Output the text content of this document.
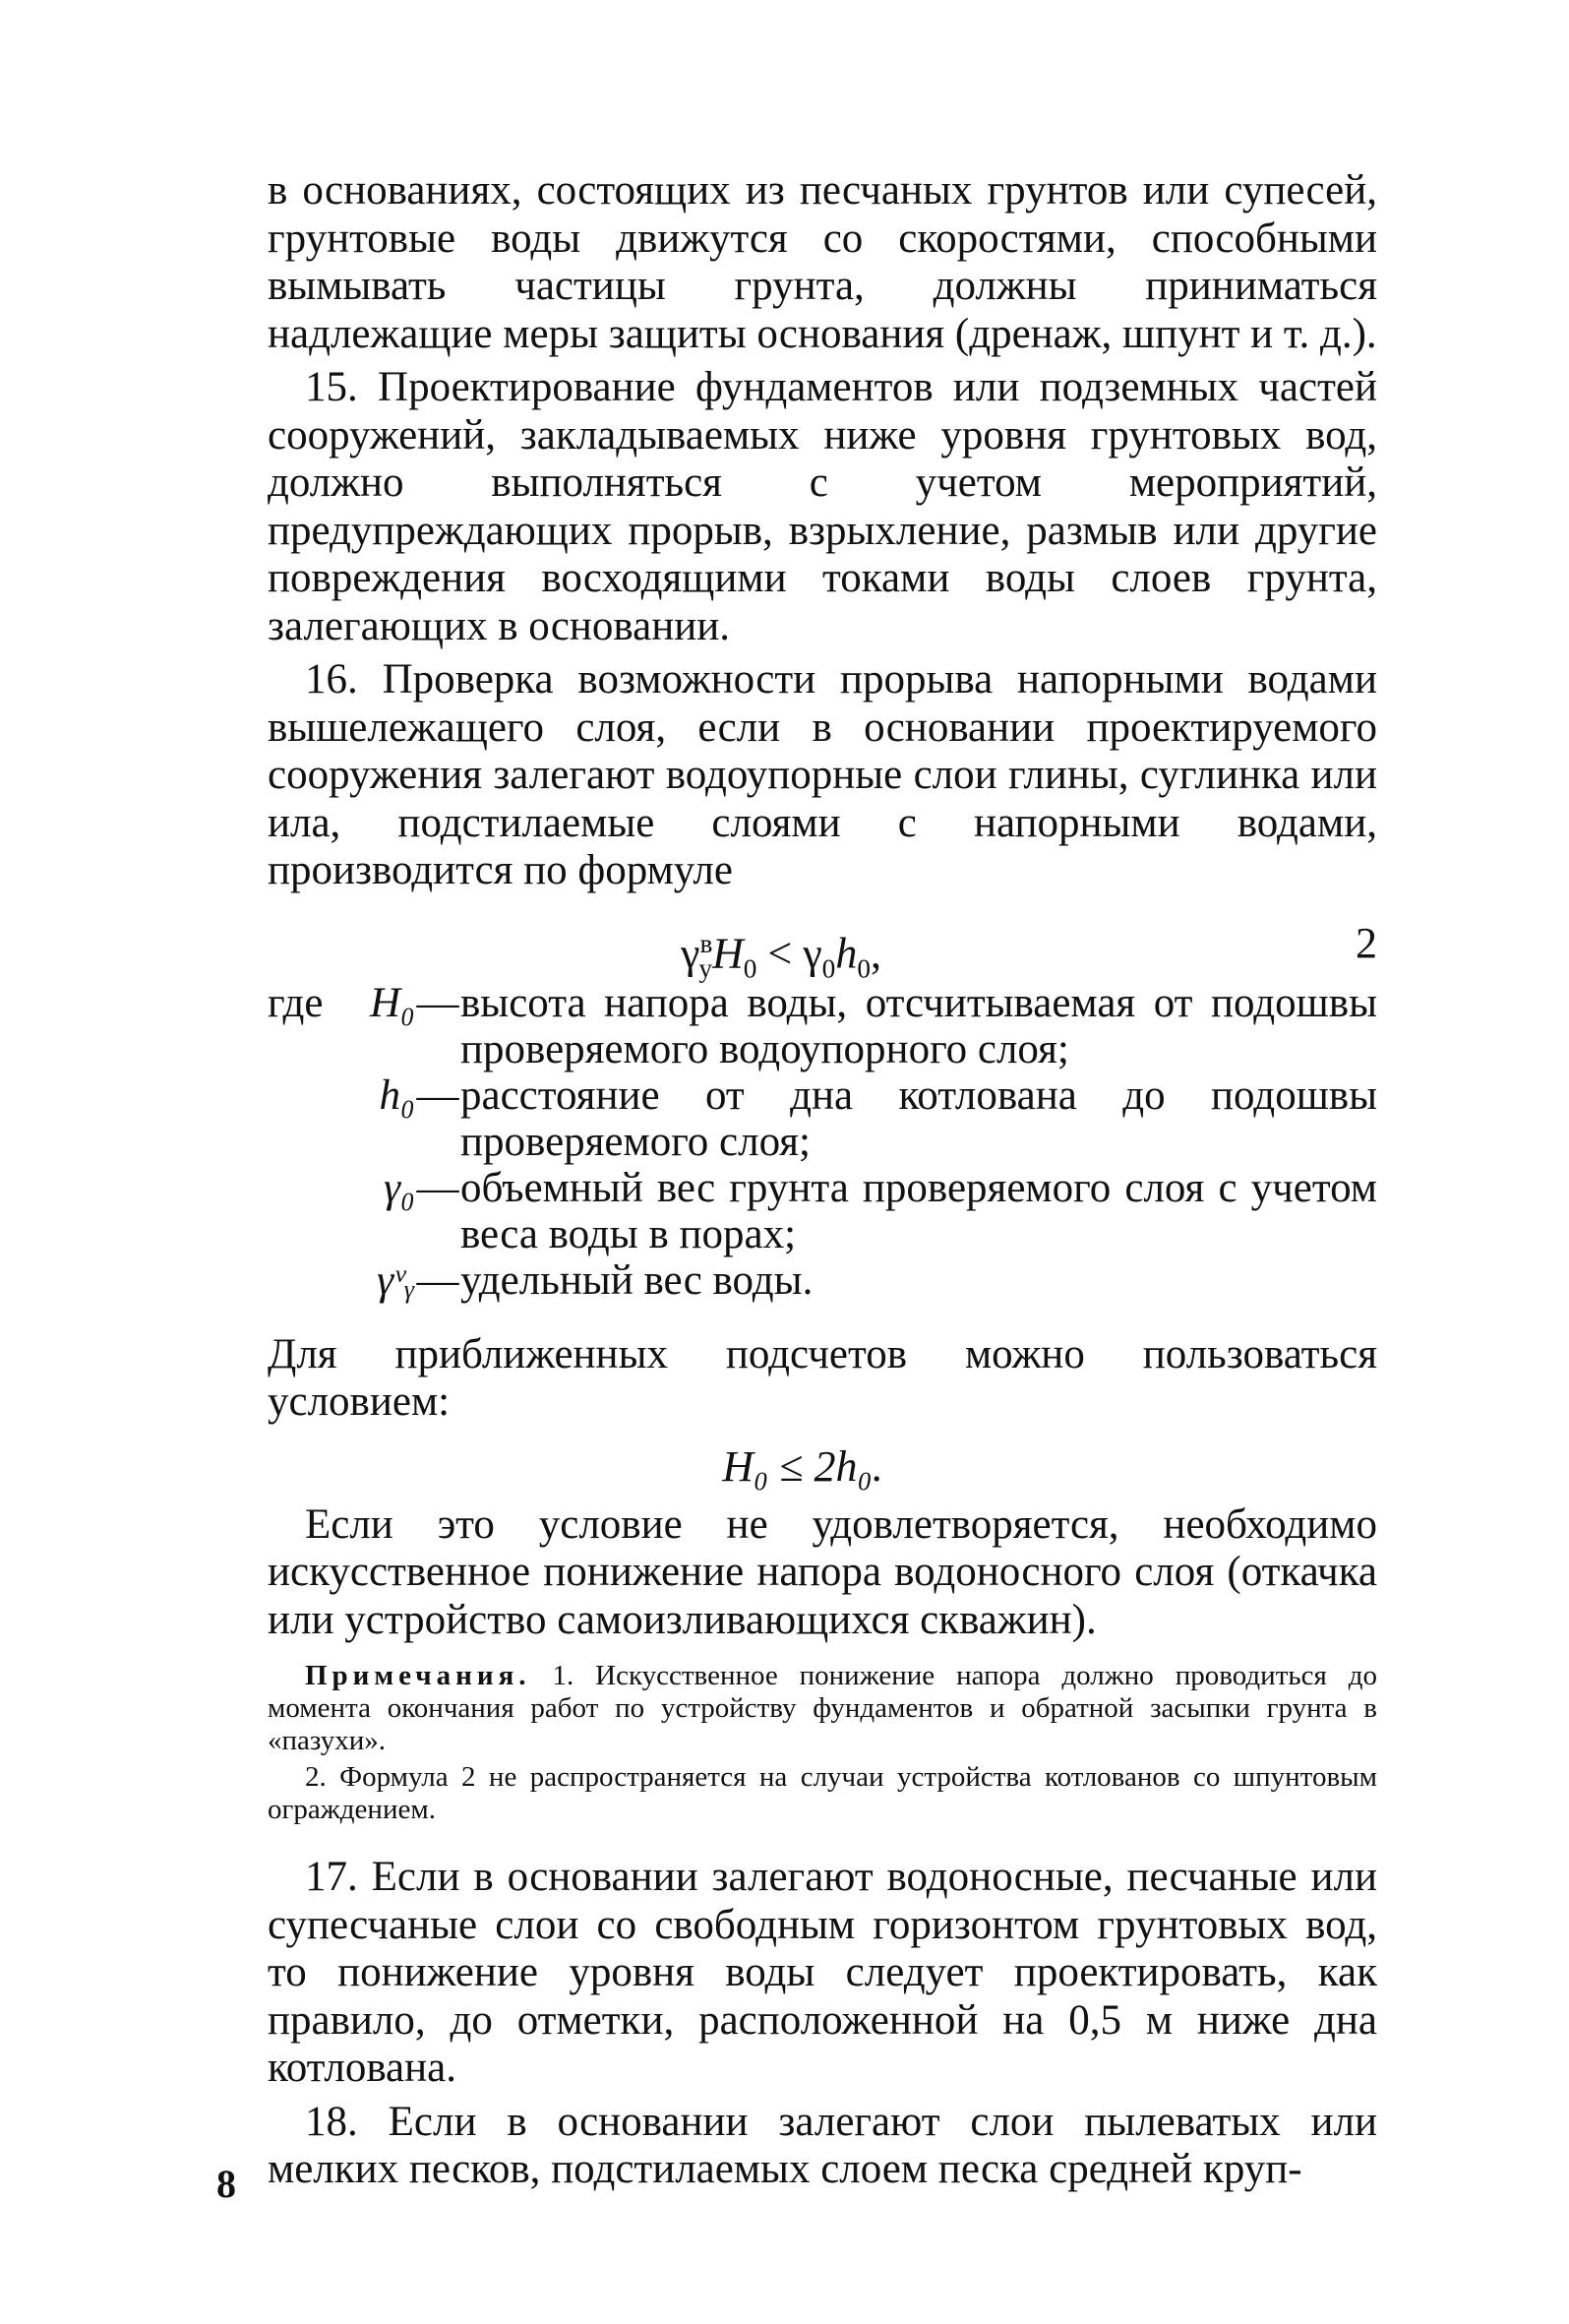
в основаниях, состоящих из песчаных грунтов или супесей, грунтовые воды движутся со скоростями, способными вымывать частицы грунта, должны приниматься надлежащие меры защиты основания (дренаж, шпунт и т. д.).

15. Проектирование фундаментов или подземных частей сооружений, закладываемых ниже уровня грунтовых вод, должно выполняться с учетом мероприятий, предупреждающих прорыв, взрыхление, размыв или другие повреждения восходящими токами воды слоев грунта, залегающих в основании.

16. Проверка возможности прорыва напорными водами вышележащего слоя, если в основании проектируемого сооружения залегают водоупорные слои глины, суглинка или ила, подстилаемые слоями с напорными водами, производится по формуле

$\gamma^в_уH_0 < \gamma_0h_0$,	2
где	H₀ — высота напора воды, отсчитываемая от подошвы проверяемого водоупорного слоя;
h₀ — расстояние от дна котлована до подошвы проверяемого слоя;
γ₀ — объемный вес грунта проверяемого слоя с учетом веса воды в порах;
γᵛᵧ — удельный вес воды.

Для приближенных подсчетов можно пользоваться условием:

H₀ ≤ 2h₀.

Если это условие не удовлетворяется, необходимо искусственное понижение напора водоносного слоя (откачка или устройство самоизливающихся скважин).

Примечания. 1. Искусственное понижение напора должно проводиться до момента окончания работ по устройству фундаментов и обратной засыпки грунта в «пазухи».

2. Формула 2 не распространяется на случаи устройства котлованов со шпунтовым ограждением.

17. Если в основании залегают водоносные, песчаные или супесчаные слои со свободным горизонтом грунтовых вод, то понижение уровня воды следует проектировать, как правило, до отметки, расположенной на 0,5 м ниже дна котлована.

18. Если в основании залегают слои пылеватых или мелких песков, подстилаемых слоем песка средней круп-

8
